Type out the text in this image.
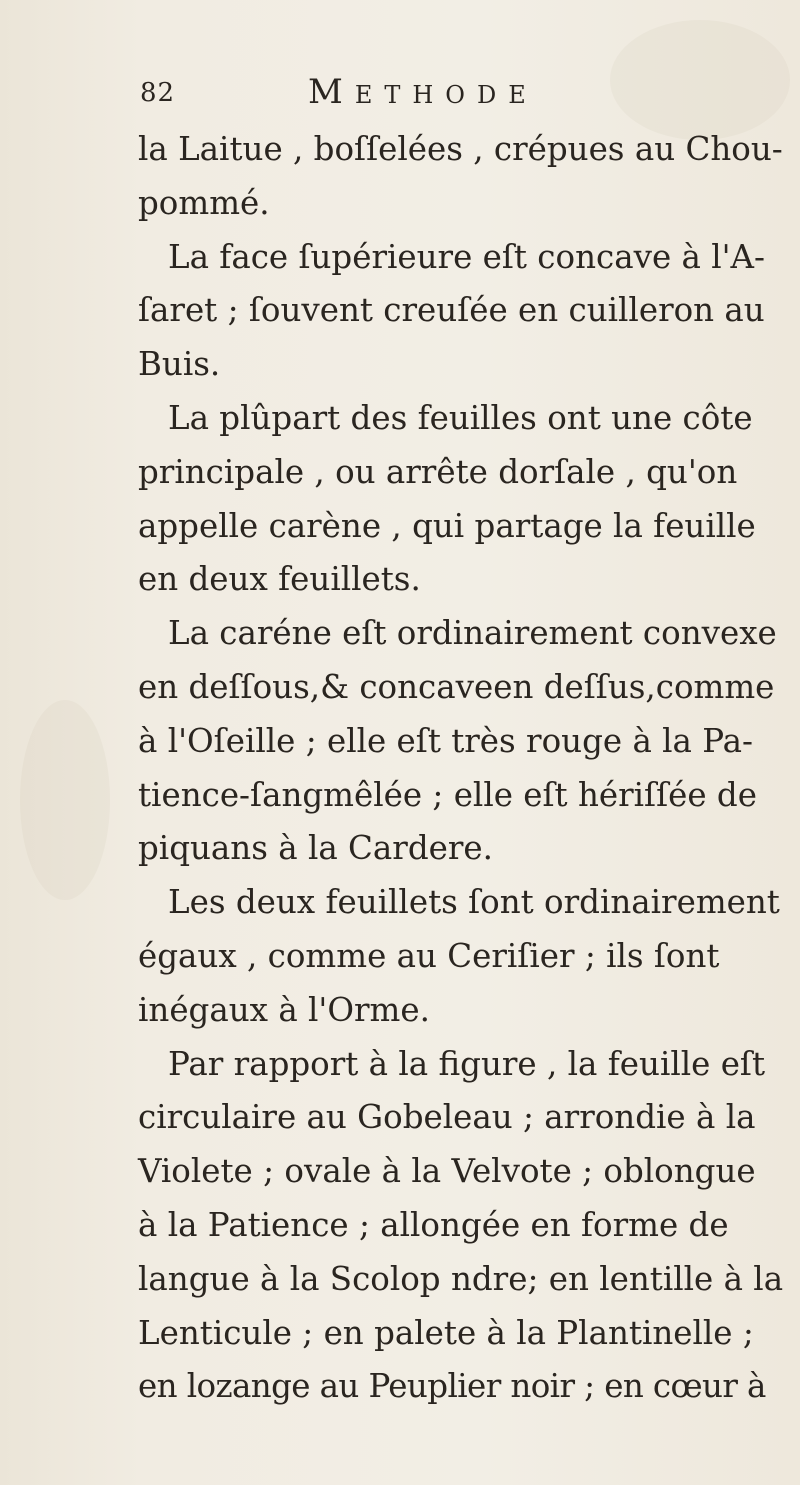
82	Methode
la Laitue , boſſelées , crépues au Chou-
pommé.
La face ſupérieure eſt concave à l'A-
ſaret ; ſouvent creuſée en cuilleron au
Buis.
La plûpart des feuilles ont une côte
principale , ou arrête dorſale , qu'on
appelle carène , qui partage la feuille
en deux feuillets.
La caréne eſt ordinairement convexe
en deſſous,& concaveen deſſus,comme
à l'Oſeille ; elle eſt très rouge à la Pa-
tience-ſangmêlée ; elle eſt hériſſée de
piquans à la Cardere.
Les deux feuillets ſont ordinairement
égaux , comme au Ceriſier ; ils ſont
inégaux à l'Orme.
Par rapport à la figure , la feuille eſt
circulaire au Gobeleau ; arrondie à la
Violete ; ovale à la Velvote ; oblongue
à la Patience ; allongée en forme de
langue à la Scolop ndre; en lentille à la
Lenticule ; en palete à la Plantinelle ;
en lozange au Peuplier noir ; en cœur à
